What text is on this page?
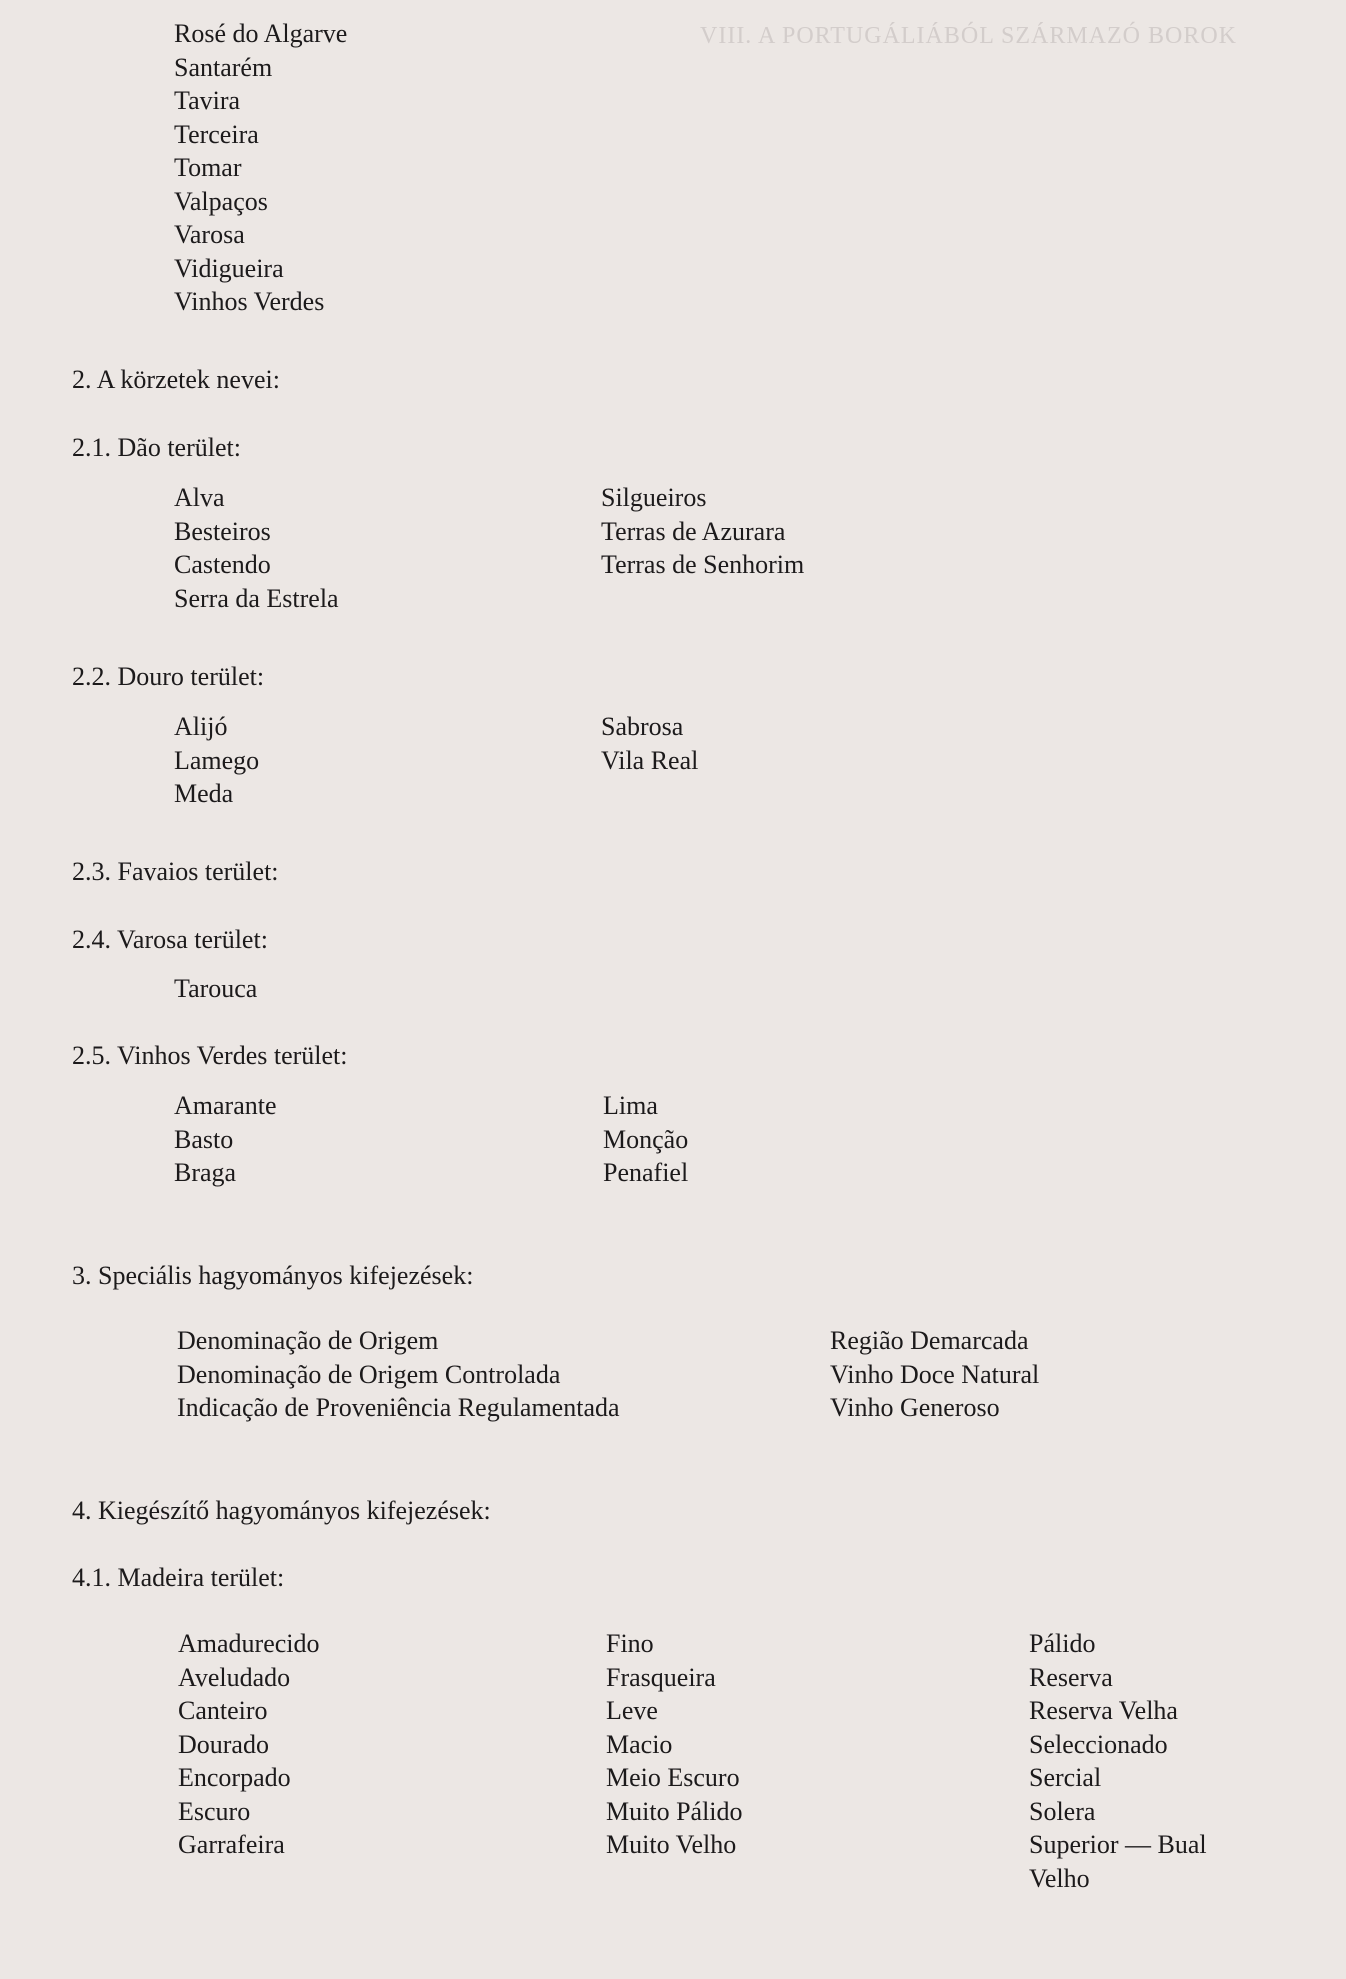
VIII. A PORTUGÁLIÁBÓL SZÁRMAZÓ BOROK
Rosé do Algarve
Santarém
Tavira
Terceira
Tomar
Valpaços
Varosa
Vidigueira
Vinhos Verdes
2. A körzetek nevei:
2.1. Dão terület:
Alva
Besteiros
Castendo
Serra da Estrela
Silgueiros
Terras de Azurara
Terras de Senhorim
2.2. Douro terület:
Alijó
Lamego
Meda
Sabrosa
Vila Real
2.3. Favaios terület:
2.4. Varosa terület:
Tarouca
2.5. Vinhos Verdes terület:
Amarante
Basto
Braga
Lima
Monção
Penafiel
3. Speciális hagyományos kifejezések:
Denominação de Origem
Denominação de Origem Controlada
Indicação de Proveniência Regulamentada
Região Demarcada
Vinho Doce Natural
Vinho Generoso
4. Kiegészítő hagyományos kifejezések:
4.1. Madeira terület:
Amadurecido
Aveludado
Canteiro
Dourado
Encorpado
Escuro
Garrafeira
Fino
Frasqueira
Leve
Macio
Meio Escuro
Muito Pálido
Muito Velho
Pálido
Reserva
Reserva Velha
Seleccionado
Sercial
Solera
Superior — Bual
Velho
